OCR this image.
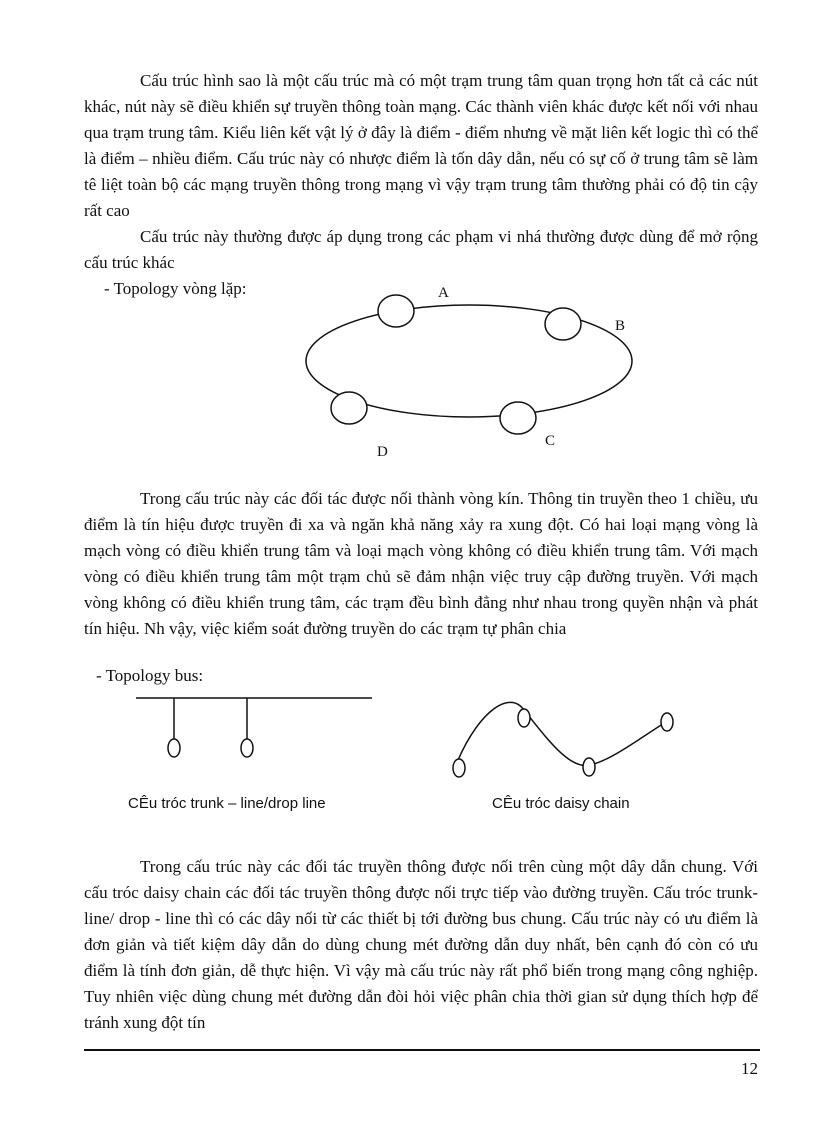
Cấu trúc hình sao là một cấu trúc mà có một trạm trung tâm quan trọng hơn tất cả các nút khác, nút này sẽ điều khiển sự truyền thông toàn mạng. Các thành viên khác được kết nối với nhau qua trạm trung tâm. Kiểu liên kết vật lý ở đây là điểm - điểm nhưng về mặt liên kết logic thì có thể là điểm – nhiều điểm. Cấu trúc này có nhược điểm là tốn dây dẫn, nếu có sự cố ở trung tâm sẽ làm tê liệt toàn bộ các mạng truyền thông trong mạng vì vậy trạm trung tâm thường phải có độ tin cậy rất cao

Cấu trúc này thường được áp dụng trong các phạm vi nhá thường được dùng để mở rộng cấu trúc khác

- Topology vòng lặp:	A
B
C
D

Trong cấu trúc này các đối tác được nối thành vòng kín. Thông tin truyền theo 1 chiều, ưu điểm là tín hiệu được truyền đi xa và ngăn khả năng xảy ra xung đột. Có hai loại mạng vòng là mạch vòng có điều khiển trung tâm và loại mạch vòng không có điều khiển trung tâm. Với mạch vòng có điều khiển trung tâm một trạm chủ sẽ đảm nhận việc truy cập đường truyền. Với mạch vòng không có điều khiển trung tâm, các trạm đều bình đẳng như nhau trong quyền nhận và phát tín hiệu. Nh vậy, việc kiểm soát đường truyền do các trạm tự phân chia

- Topology bus:

CÊu tróc trunk – line/drop line	CÊu tróc daisy chain

Trong cấu trúc này các đối tác truyền thông được nối trên cùng một dây dẫn chung. Với cấu tróc daisy chain các đối tác truyền thông được nối trực tiếp vào đường truyền. Cấu tróc trunk- line/ drop - line thì có các dây nối từ các thiết bị tới đường bus chung. Cấu trúc này có ưu điểm là đơn giản và tiết kiệm dây dẫn do dùng chung mét đường dẫn duy nhất, bên cạnh đó còn có ưu điểm là tính đơn giản, dễ thực hiện. Vì vậy mà cấu trúc này rất phổ biến trong mạng công nghiệp. Tuy nhiên việc dùng chung mét đường dẫn đòi hỏi việc phân chia thời gian sử dụng thích hợp để tránh xung đột tín

12
